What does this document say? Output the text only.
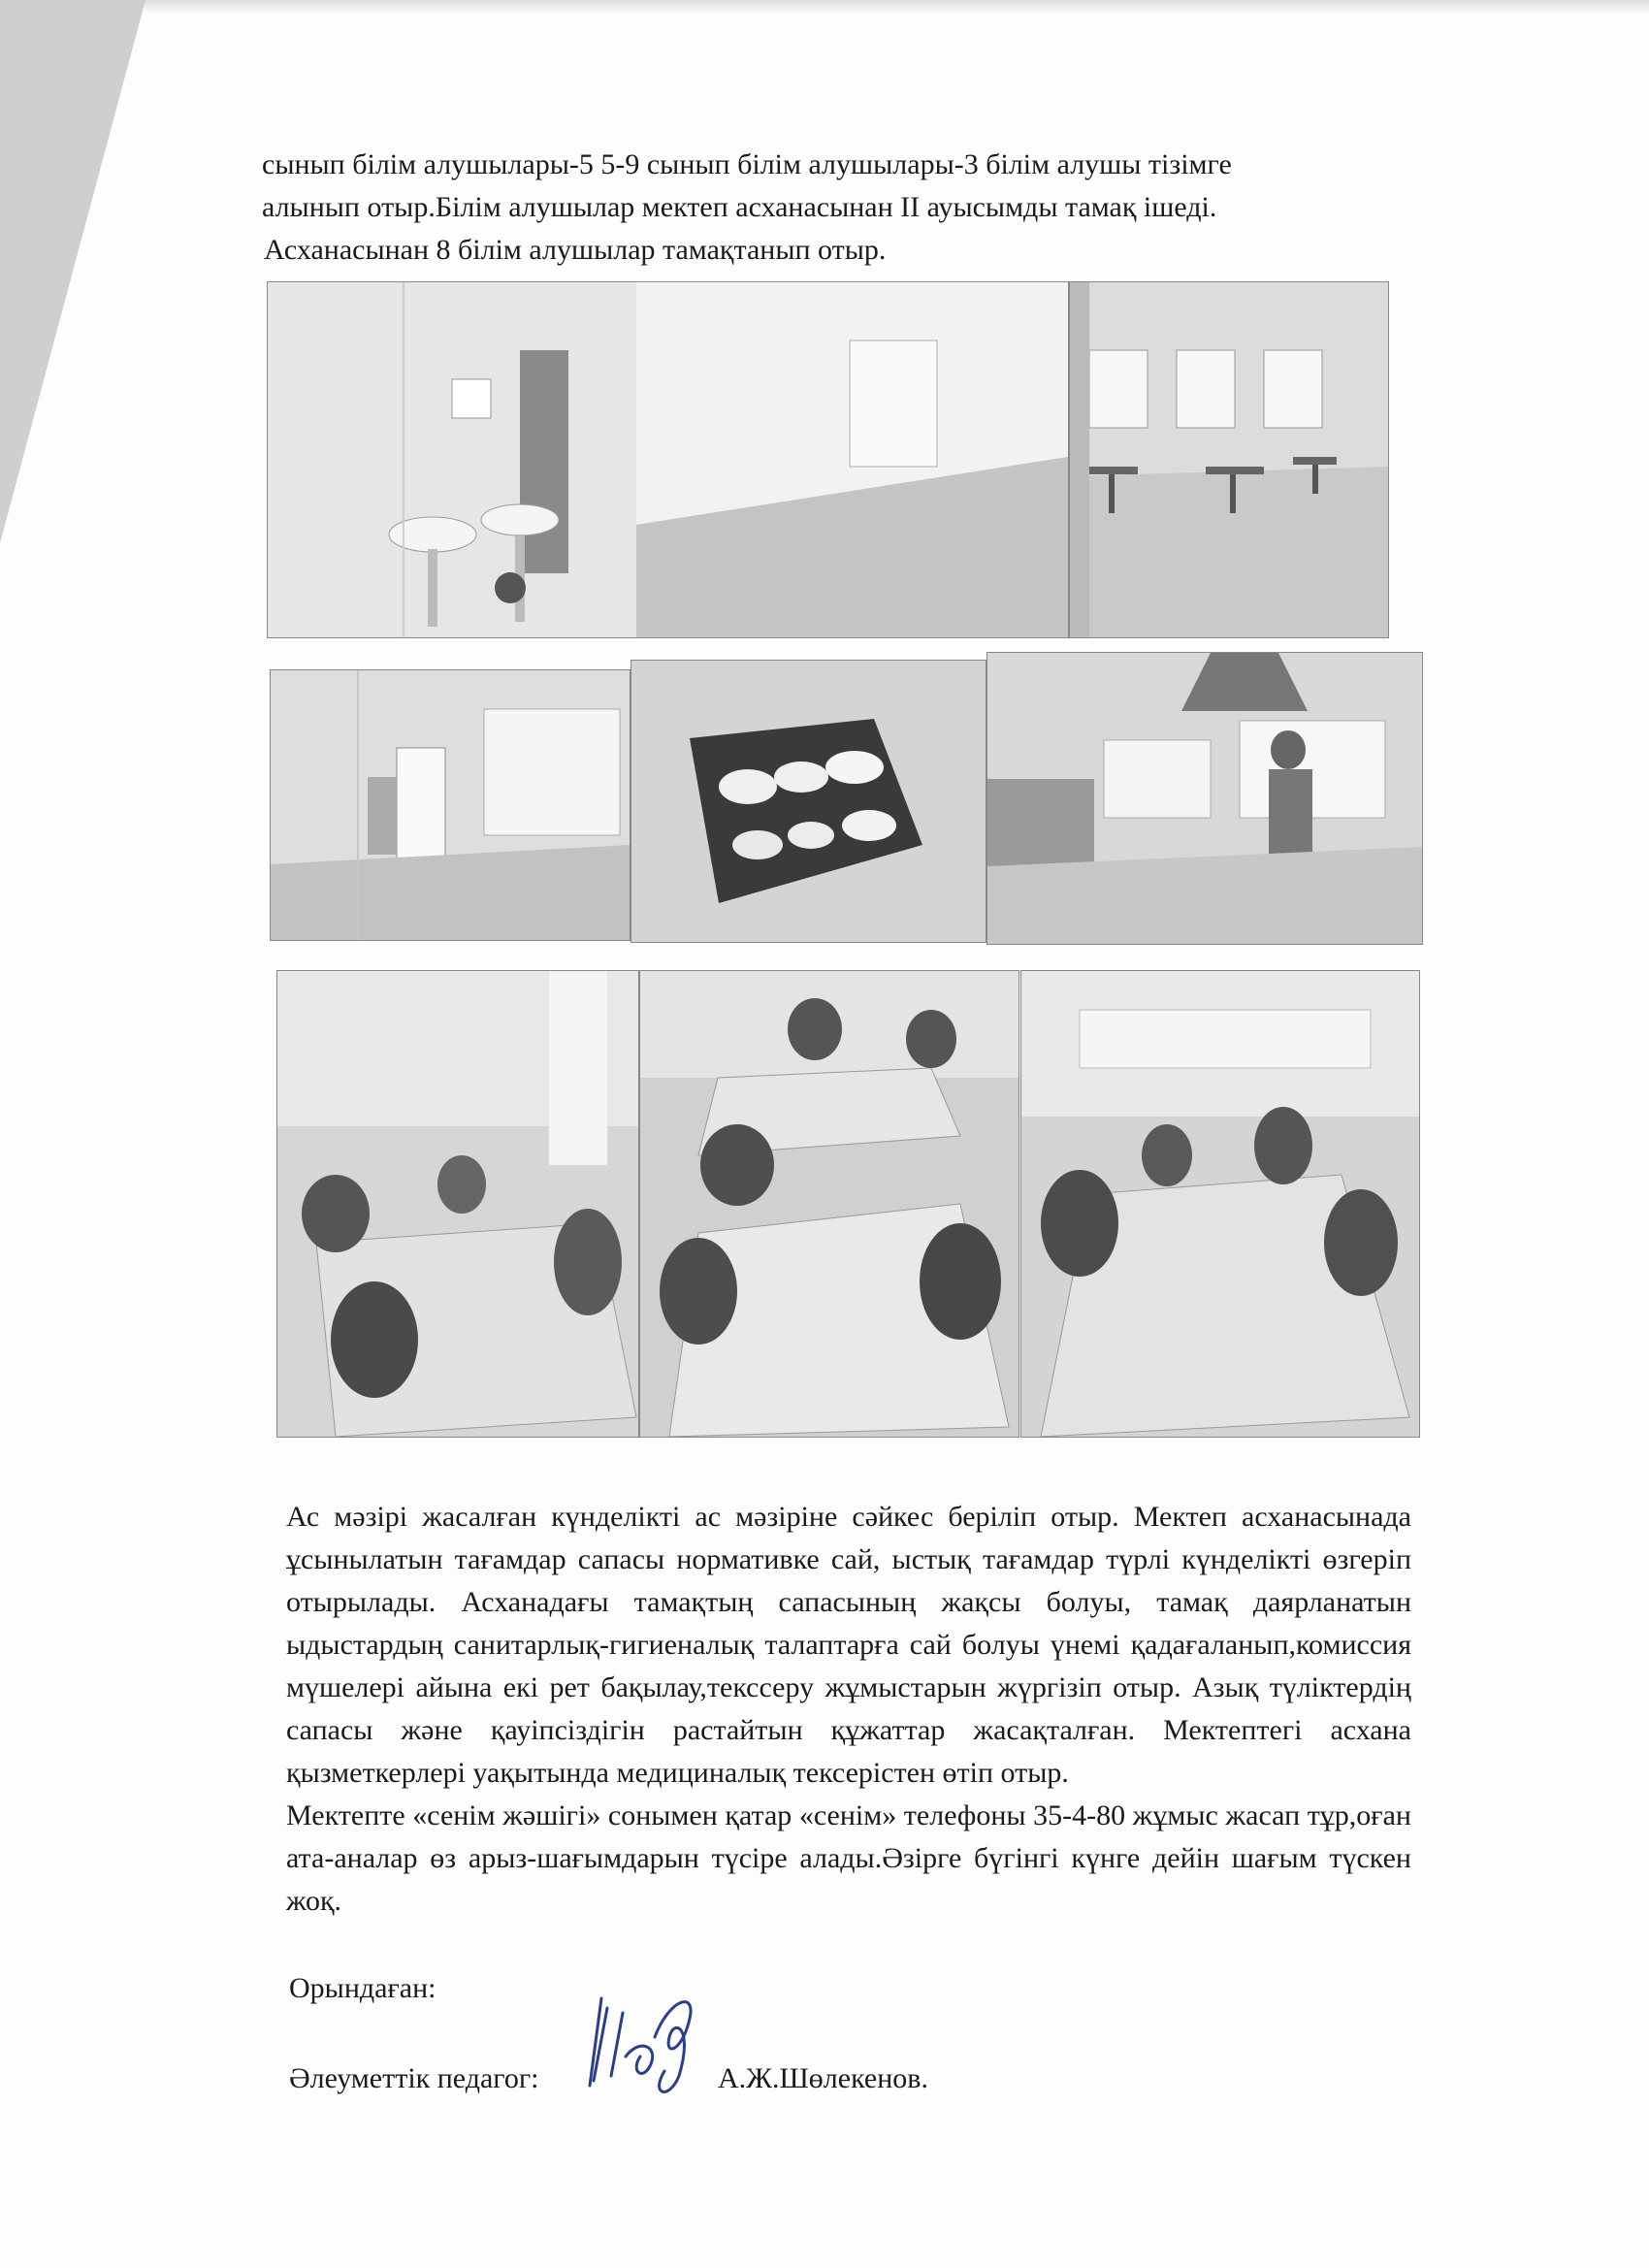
сынып білім алушылары-5 5-9 сынып білім алушылары-3 білім алушы тізімге

алынып отыр.Білім алушылар мектеп асханасынан ІІ ауысымды тамақ ішеді.

Асханасынан 8 білім алушылар тамақтанып отыр.

Ас мәзірі жасалған күнделікті ас мәзіріне сәйкес беріліп отыр. Мектеп асханасынада ұсынылатын тағамдар сапасы нормативке сай, ыстық тағамдар түрлі күнделікті өзгеріп отырылады. Асханадағы тамақтың сапасының жақсы болуы, тамақ даярланатын ыдыстардың санитарлық-гигиеналық талаптарға сай болуы үнемі қадағаланып,комиссия мүшелері айына екі рет бақылау,текссеру жұмыстарын жүргізіп отыр. Азық түліктердің сапасы және қауіпсіздігін растайтын құжаттар жасақталған. Мектептегі асхана қызметкерлері уақытында медициналық тексерістен өтіп отыр.

Мектепте «сенім жәшігі» сонымен қатар «сенім» телефоны 35-4-80 жұмыс жасап тұр,оған ата-аналар өз арыз-шағымдарын түсіре алады.Әзірге бүгінгі күнге дейін шағым түскен жоқ.

Орындаған:
Әлеуметтік педагог:	А.Ж.Шөлекенов.
